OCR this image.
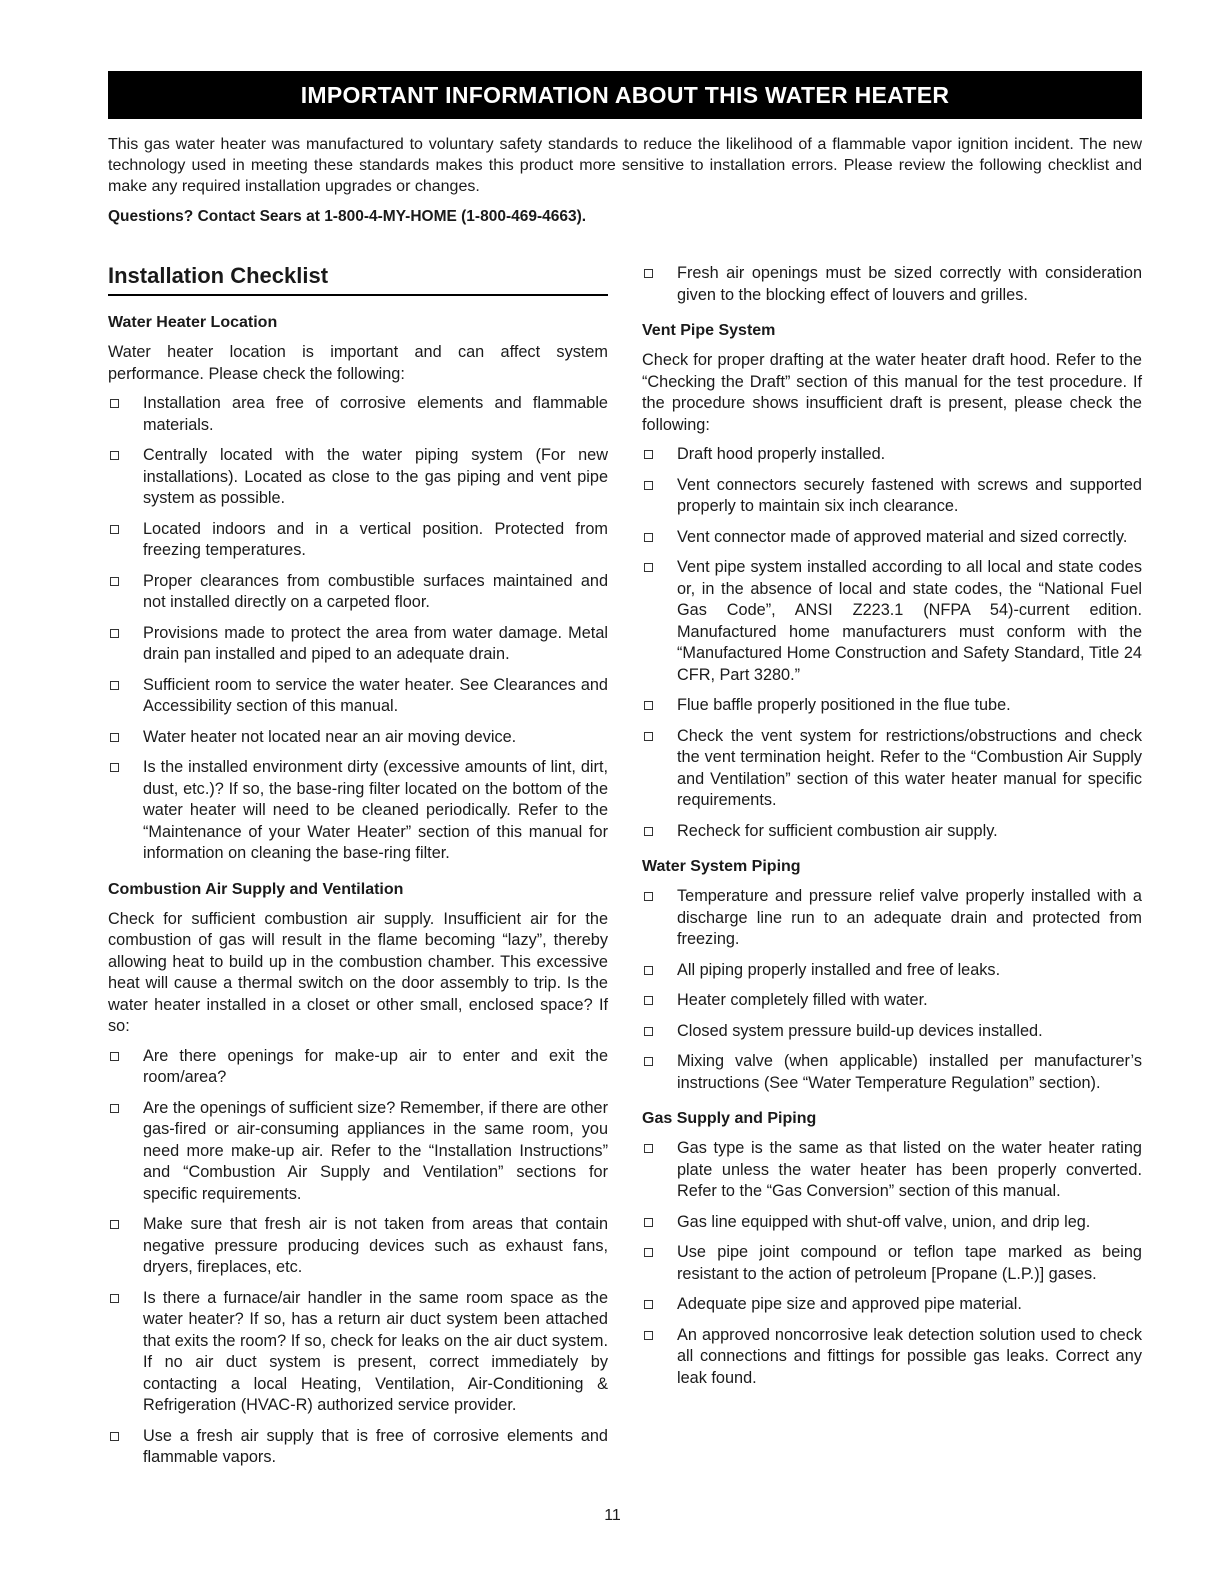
IMPORTANT INFORMATION ABOUT THIS WATER HEATER
This gas water heater was manufactured to voluntary safety standards to reduce the likelihood of a flammable vapor ignition incident. The new technology used in meeting these standards makes this product more sensitive to installation errors. Please review the following checklist and make any required installation upgrades or changes.
Questions? Contact Sears at 1-800-4-MY-HOME (1-800-469-4663).
Installation Checklist
Water Heater Location
Water heater location is important and can affect system performance. Please check the following:
Installation area free of corrosive elements and flammable materials.
Centrally located with the water piping system (For new installations). Located as close to the gas piping and vent pipe system as possible.
Located indoors and in a vertical position. Protected from freezing temperatures.
Proper clearances from combustible surfaces maintained and not installed directly on a carpeted floor.
Provisions made to protect the area from water damage. Metal drain pan installed and piped to an adequate drain.
Sufficient room to service the water heater. See Clearances and Accessibility section of this manual.
Water heater not located near an air moving device.
Is the installed environment dirty (excessive amounts of lint, dirt, dust, etc.)? If so, the base-ring filter located on the bottom of the water heater will need to be cleaned periodically. Refer to the “Maintenance of your Water Heater” section of this manual for information on cleaning the base-ring filter.
Combustion Air Supply and Ventilation
Check for sufficient combustion air supply. Insufficient air for the combustion of gas will result in the flame becoming “lazy”, thereby allowing heat to build up in the combustion chamber. This excessive heat will cause a thermal switch on the door assembly to trip. Is the water heater installed in a closet or other small, enclosed space? If so:
Are there openings for make-up air to enter and exit the room/area?
Are the openings of sufficient size? Remember, if there are other gas-fired or air-consuming appliances in the same room, you need more make-up air. Refer to the “Installation Instructions” and “Combustion Air Supply and Ventilation” sections for specific requirements.
Make sure that fresh air is not taken from areas that contain negative pressure producing devices such as exhaust fans, dryers, fireplaces, etc.
Is there a furnace/air handler in the same room space as the water heater? If so, has a return air duct system been attached that exits the room? If so, check for leaks on the air duct system. If no air duct system is present, correct immediately by contacting a local Heating, Ventilation, Air-Conditioning & Refrigeration (HVAC-R) authorized service provider.
Use a fresh air supply that is free of corrosive elements and flammable vapors.
Fresh air openings must be sized correctly with consideration given to the blocking effect of louvers and grilles.
Vent Pipe System
Check for proper drafting at the water heater draft hood. Refer to the “Checking the Draft” section of this manual for the test procedure. If the procedure shows insufficient draft is present, please check the following:
Draft hood properly installed.
Vent connectors securely fastened with screws and supported properly to maintain six inch clearance.
Vent connector made of approved material and sized correctly.
Vent pipe system installed according to all local and state codes or, in the absence of local and state codes, the “National Fuel Gas Code”, ANSI Z223.1 (NFPA 54)-current edition. Manufactured home manufacturers must conform with the “Manufactured Home Construction and Safety Standard, Title 24 CFR, Part 3280.”
Flue baffle properly positioned in the flue tube.
Check the vent system for restrictions/obstructions and check the vent termination height. Refer to the “Combustion Air Supply and Ventilation” section of this water heater manual for specific requirements.
Recheck for sufficient combustion air supply.
Water System Piping
Temperature and pressure relief valve properly installed with a discharge line run to an adequate drain and protected from freezing.
All piping properly installed and free of leaks.
Heater completely filled with water.
Closed system pressure build-up devices installed.
Mixing valve (when applicable) installed per manufacturer’s instructions (See “Water Temperature Regulation” section).
Gas Supply and Piping
Gas type is the same as that listed on the water heater rating plate unless the water heater has been properly converted. Refer to the “Gas Conversion” section of this manual.
Gas line equipped with shut-off valve, union, and drip leg.
Use pipe joint compound or teflon tape marked as being resistant to the action of petroleum [Propane (L.P.)] gases.
Adequate pipe size and approved pipe material.
An approved noncorrosive leak detection solution used to check all connections and fittings for possible gas leaks. Correct any leak found.
11
